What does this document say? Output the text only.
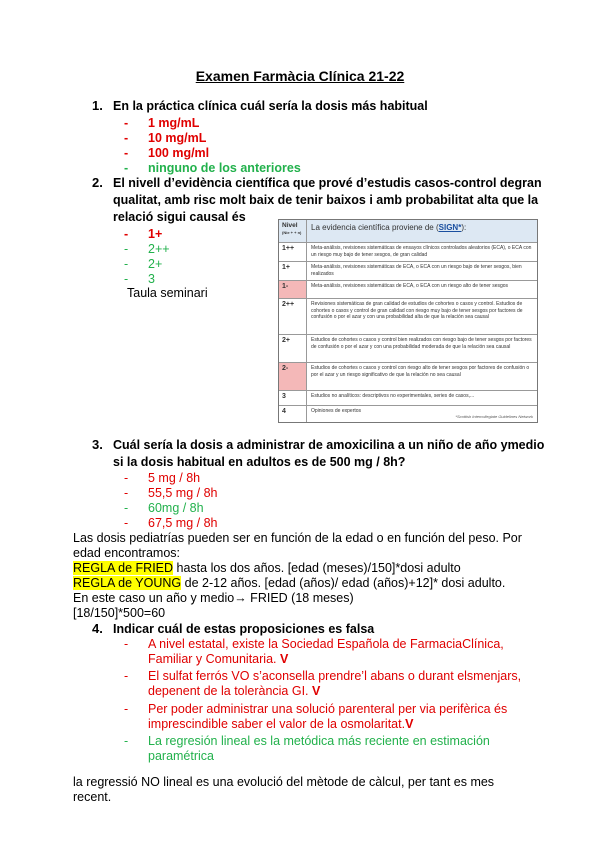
Examen Farmàcia Clínica 21-22
1. En la práctica clínica cuál sería la dosis más habitual
- 1 mg/mL
- 10 mg/mL
- 100 mg/ml
- ninguno de los anteriores
2. El nivell d’evidència científica que prové d’estudis casos-control degran
qualitat, amb risc molt baix de tenir baixos i amb probabilitat alta que la
relació sigui causal és
- 1+
- 2++
- 2+
- 3
Taula seminari
Nivel
(Nie + + n)
La evidencia científica proviene de (SIGN*):
1++	Meta-análisis, revisiones sistemáticas de ensayos clínicos controlados aleatorios (ECA), o ECA con un riesgo muy bajo de tener sesgos, de gran calidad
1+	Meta-análisis, revisiones sistemáticas de ECA, o ECA con un riesgo bajo de tener sesgos, bien realizados
1-	Meta-análisis, revisiones sistemáticas de ECA, o ECA con un riesgo alto de tener sesgos
2++	Revisiones sistemáticas de gran calidad de estudios de cohortes o casos y control. Estudios de cohortes o casos y control de gran calidad con riesgo muy bajo de tener sesgos por factores de confusión o por el azar y con una probabilidad alta de que la relación sea causal
2+	Estudios de cohortes o casos y control bien realizados con riesgo bajo de tener sesgos por factores de confusión o por el azar y con una probabilidad moderada de que la relación sea causal
2-	Estudios de cohortes o casos y control con riesgo alto de tener sesgos por factores de confusión o por el azar y un riesgo significativo de que la relación no sea causal
3	Estudios no analíticos: descriptivos no experimentales, series de casos,...
4	Opiniones de expertos
*Scottish Intercollegiate Guidelines Network
3. Cuál sería la dosis a administrar de amoxicilina a un niño de año ymedio
si la dosis habitual en adultos es de 500 mg / 8h?
- 5 mg / 8h
- 55,5 mg / 8h
- 60mg / 8h
- 67,5 mg / 8h
Las dosis pediatrías pueden ser en función de la edad o en función del peso. Por
edad encontramos:
REGLA de FRIED hasta los dos años. [edad (meses)/150]*dosi adulto
REGLA de YOUNG de 2-12 años. [edad (años)/ edad (años)+12]* dosi adulto.
En este caso un año y medio→ FRIED (18 meses)
[18/150]*500=60
4. Indicar cuál de estas proposiciones es falsa
- A nivel estatal, existe la Sociedad Española de FarmaciaClínica,
Familiar y Comunitaria. V
- El sulfat ferrós VO s’aconsella prendre’l abans o durant elsmenjars,
depenent de la tolerància GI. V
- Per poder administrar una solució parenteral per via perifèrica és
imprescindible saber el valor de la osmolaritat.V
- La regresión lineal es la metódica más reciente en estimación
paramétrica
la regressió NO lineal es una evolució del mètode de càlcul, per tant es mes
recent.
